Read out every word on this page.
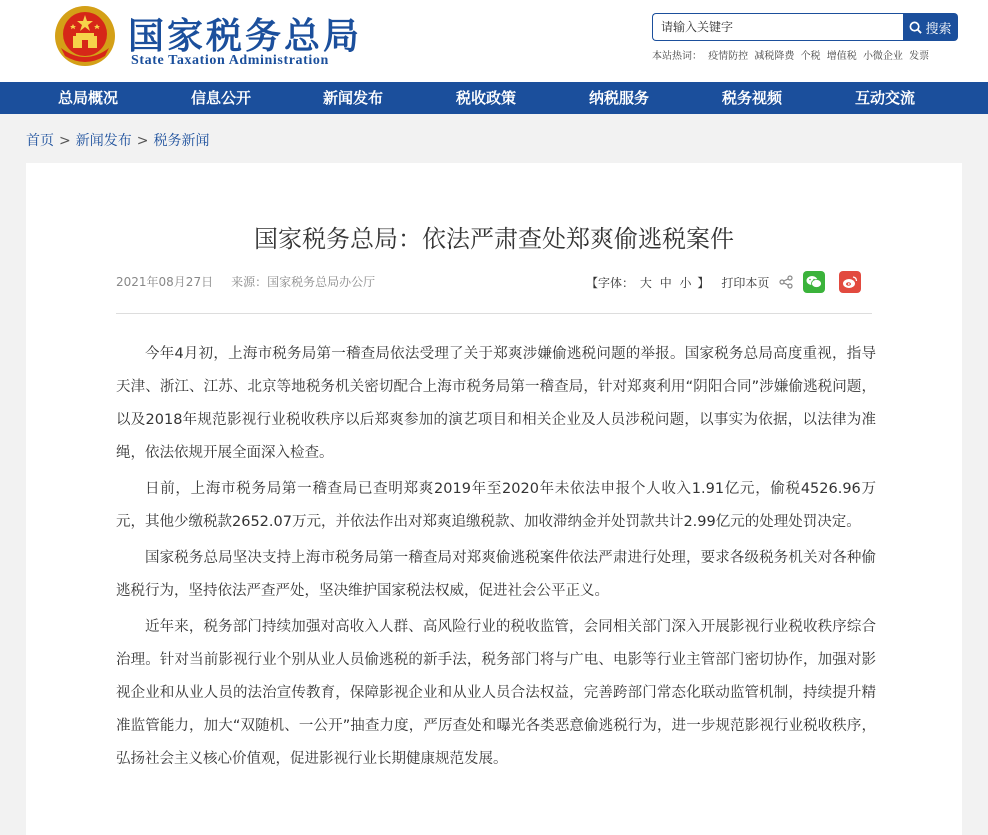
国家税务总局
State Taxation Administration
请输入关键字
搜索
本站热词： 疫情防控 减税降费 个税 增值税 小微企业 发票
总局概况	信息公开	新闻发布	税收政策	纳税服务	税务视频	互动交流
首页 > 新闻发布 > 税务新闻
国家税务总局：依法严肃查处郑爽偷逃税案件
2021年08月27日 来源：国家税务总局办公厅	【字体： 大 中 小 】 打印本页

今年4月初，上海市税务局第一稽查局依法受理了关于郑爽涉嫌偷逃税问题的举报。国家税务总局高度重视，指导天津、浙江、江苏、北京等地税务机关密切配合上海市税务局第一稽查局，针对郑爽利用“阴阳合同”涉嫌偷逃税问题，以及2018年规范影视行业税收秩序以后郑爽参加的演艺项目和相关企业及人员涉税问题，以事实为依据，以法律为准绳，依法依规开展全面深入检查。

日前，上海市税务局第一稽查局已查明郑爽2019年至2020年未依法申报个人收入1.91亿元，偷税4526.96万元，其他少缴税款2652.07万元，并依法作出对郑爽追缴税款、加收滞纳金并处罚款共计2.99亿元的处理处罚决定。

国家税务总局坚决支持上海市税务局第一稽查局对郑爽偷逃税案件依法严肃进行处理，要求各级税务机关对各种偷逃税行为，坚持依法严查严处，坚决维护国家税法权威，促进社会公平正义。

近年来，税务部门持续加强对高收入人群、高风险行业的税收监管，会同相关部门深入开展影视行业税收秩序综合治理。针对当前影视行业个别从业人员偷逃税的新手法，税务部门将与广电、电影等行业主管部门密切协作，加强对影视企业和从业人员的法治宣传教育，保障影视企业和从业人员合法权益，完善跨部门常态化联动监管机制，持续提升精准监管能力，加大“双随机、一公开”抽查力度，严厉查处和曝光各类恶意偷逃税行为，进一步规范影视行业税收秩序，弘扬社会主义核心价值观，促进影视行业长期健康规范发展。
